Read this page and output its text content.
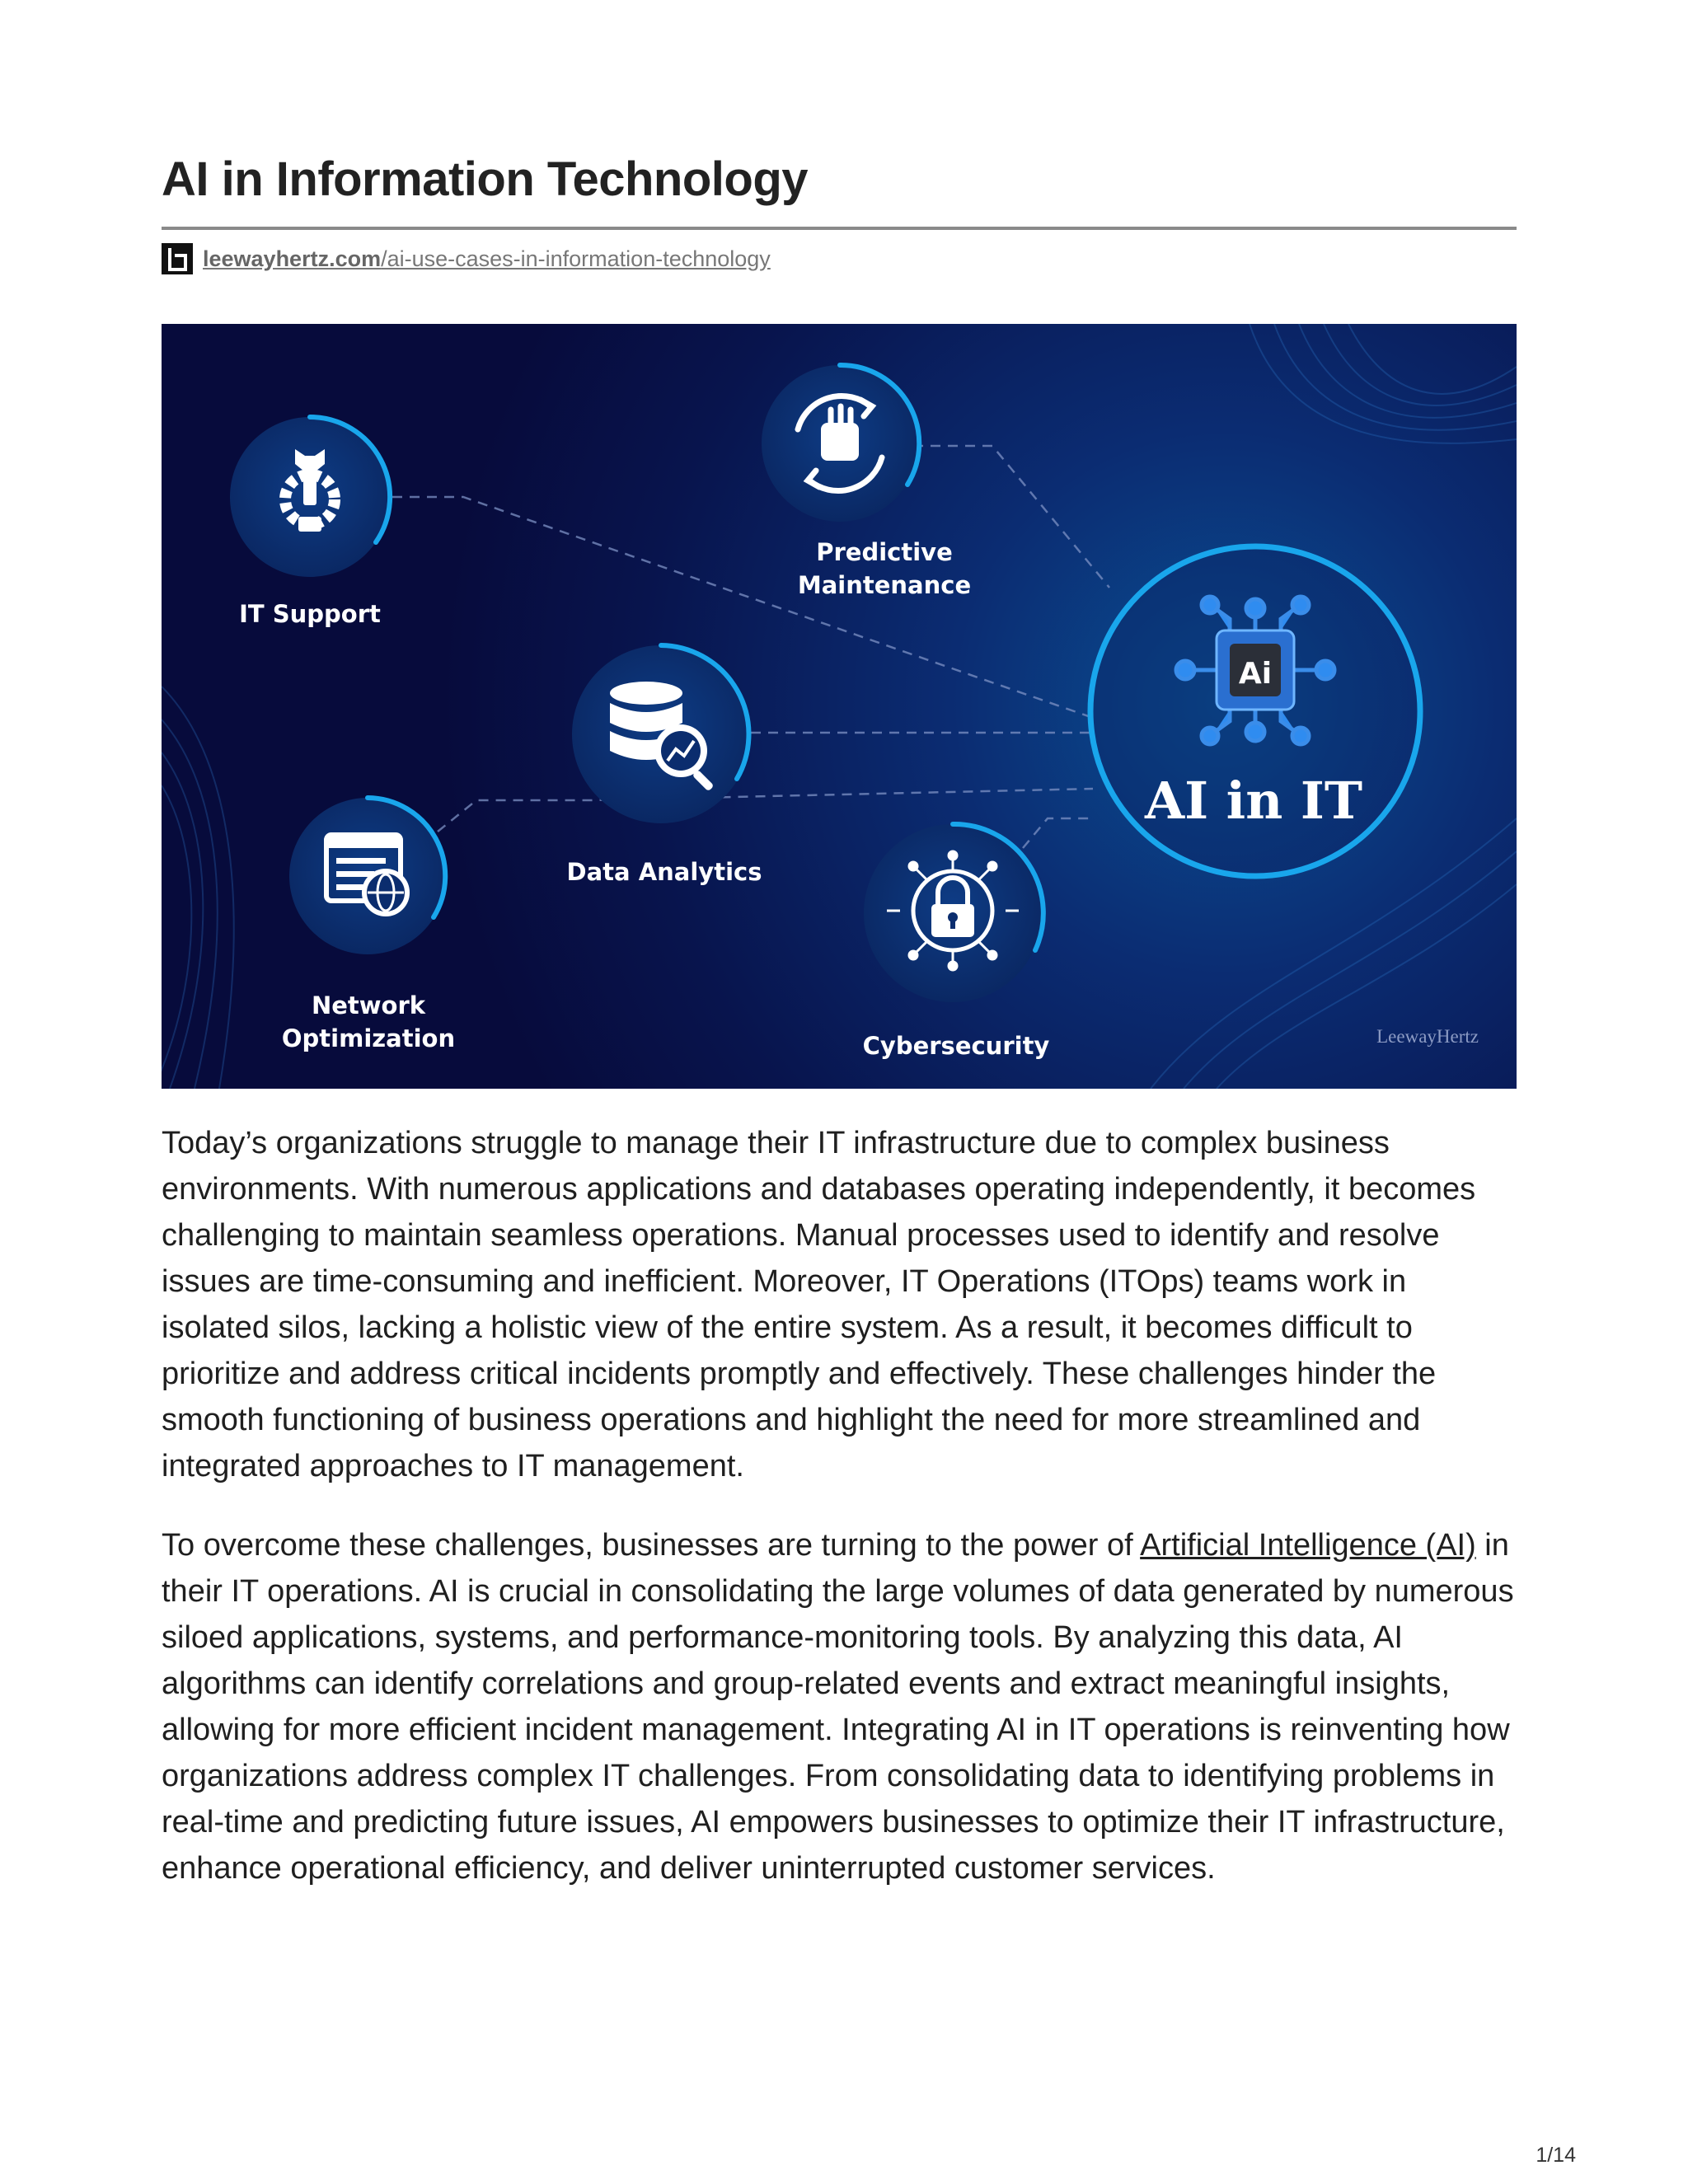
AI in Information Technology
leewayhertz.com/ai-use-cases-in-information-technology
IT Support
Predictive
Maintenance
Data Analytics
Network
Optimization	Cybersecurity
Ai
AI in IT
LeewayHertz

Today’s organizations struggle to manage their IT infrastructure due to complex business environments. With numerous applications and databases operating independently, it becomes challenging to maintain seamless operations. Manual processes used to identify and resolve issues are time-consuming and inefficient. Moreover, IT Operations (ITOps) teams work in isolated silos, lacking a holistic view of the entire system. As a result, it becomes difficult to prioritize and address critical incidents promptly and effectively. These challenges hinder the smooth functioning of business operations and highlight the need for more streamlined and integrated approaches to IT management.

To overcome these challenges, businesses are turning to the power of Artificial Intelligence (AI) in their IT operations. AI is crucial in consolidating the large volumes of data generated by numerous siloed applications, systems, and performance-monitoring tools. By analyzing this data, AI algorithms can identify correlations and group-related events and extract meaningful insights, allowing for more efficient incident management. Integrating AI in IT operations is reinventing how organizations address complex IT challenges. From consolidating data to identifying problems in real-time and predicting future issues, AI empowers businesses to optimize their IT infrastructure, enhance operational efficiency, and deliver uninterrupted customer services.

1/14
